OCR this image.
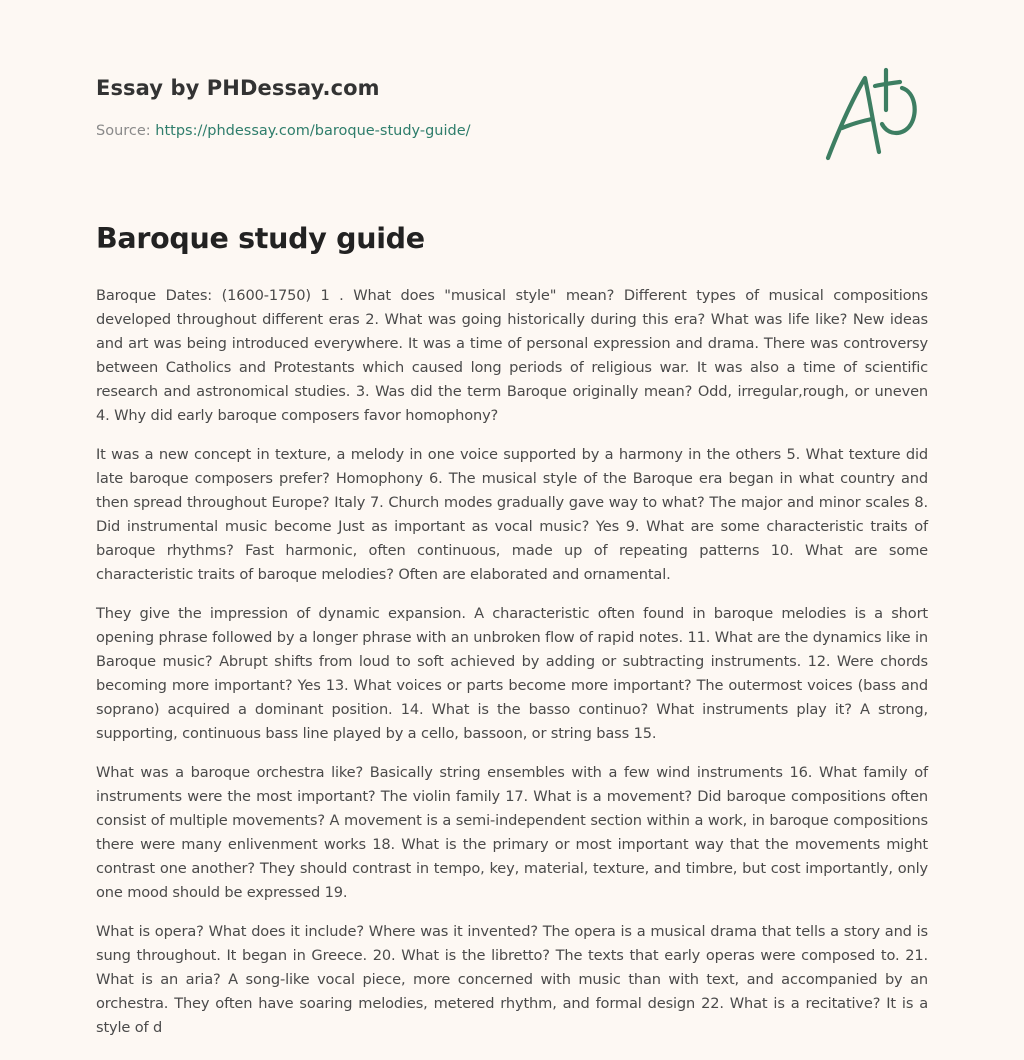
Essay by PHDessay.com
Source: https://phdessay.com/baroque-study-guide/
Baroque study guide

Baroque Dates: (1600-1750) 1 . What does "musical style" mean? Different types of musical compositions developed throughout different eras 2. What was going historically during this era? What was life like? New ideas and art was being introduced everywhere. It was a time of personal expression and drama. There was controversy between Catholics and Protestants which caused long periods of religious war. It was also a time of scientific research and astronomical studies. 3. Was did the term Baroque originally mean? Odd, irregular,rough, or uneven 4. Why did early baroque composers favor homophony?

It was a new concept in texture, a melody in one voice supported by a harmony in the others 5. What texture did late baroque composers prefer? Homophony 6. The musical style of the Baroque era began in what country and then spread throughout Europe? Italy 7. Church modes gradually gave way to what? The major and minor scales 8. Did instrumental music become Just as important as vocal music? Yes 9. What are some characteristic traits of baroque rhythms? Fast harmonic, often continuous, made up of repeating patterns 10. What are some characteristic traits of baroque melodies? Often are elaborated and ornamental.

They give the impression of dynamic expansion. A characteristic often found in baroque melodies is a short opening phrase followed by a longer phrase with an unbroken flow of rapid notes. 11. What are the dynamics like in Baroque music? Abrupt shifts from loud to soft achieved by adding or subtracting instruments. 12. Were chords becoming more important? Yes 13. What voices or parts become more important? The outermost voices (bass and soprano) acquired a dominant position. 14. What is the basso continuo? What instruments play it? A strong, supporting, continuous bass line played by a cello, bassoon, or string bass 15.

What was a baroque orchestra like? Basically string ensembles with a few wind instruments 16. What family of instruments were the most important? The violin family 17. What is a movement? Did baroque compositions often consist of multiple movements? A movement is a semi-independent section within a work, in baroque compositions there were many enlivenment works 18. What is the primary or most important way that the movements might contrast one another? They should contrast in tempo, key, material, texture, and timbre, but cost importantly, only one mood should be expressed 19.

What is opera? What does it include? Where was it invented? The opera is a musical drama that tells a story and is sung throughout. It began in Greece. 20. What is the libretto? The texts that early operas were composed to. 21. What is an aria? A song-like vocal piece, more concerned with music than with text, and accompanied by an orchestra. They often have soaring melodies, metered rhythm, and formal design 22. What is a recitative? It is a style of d
